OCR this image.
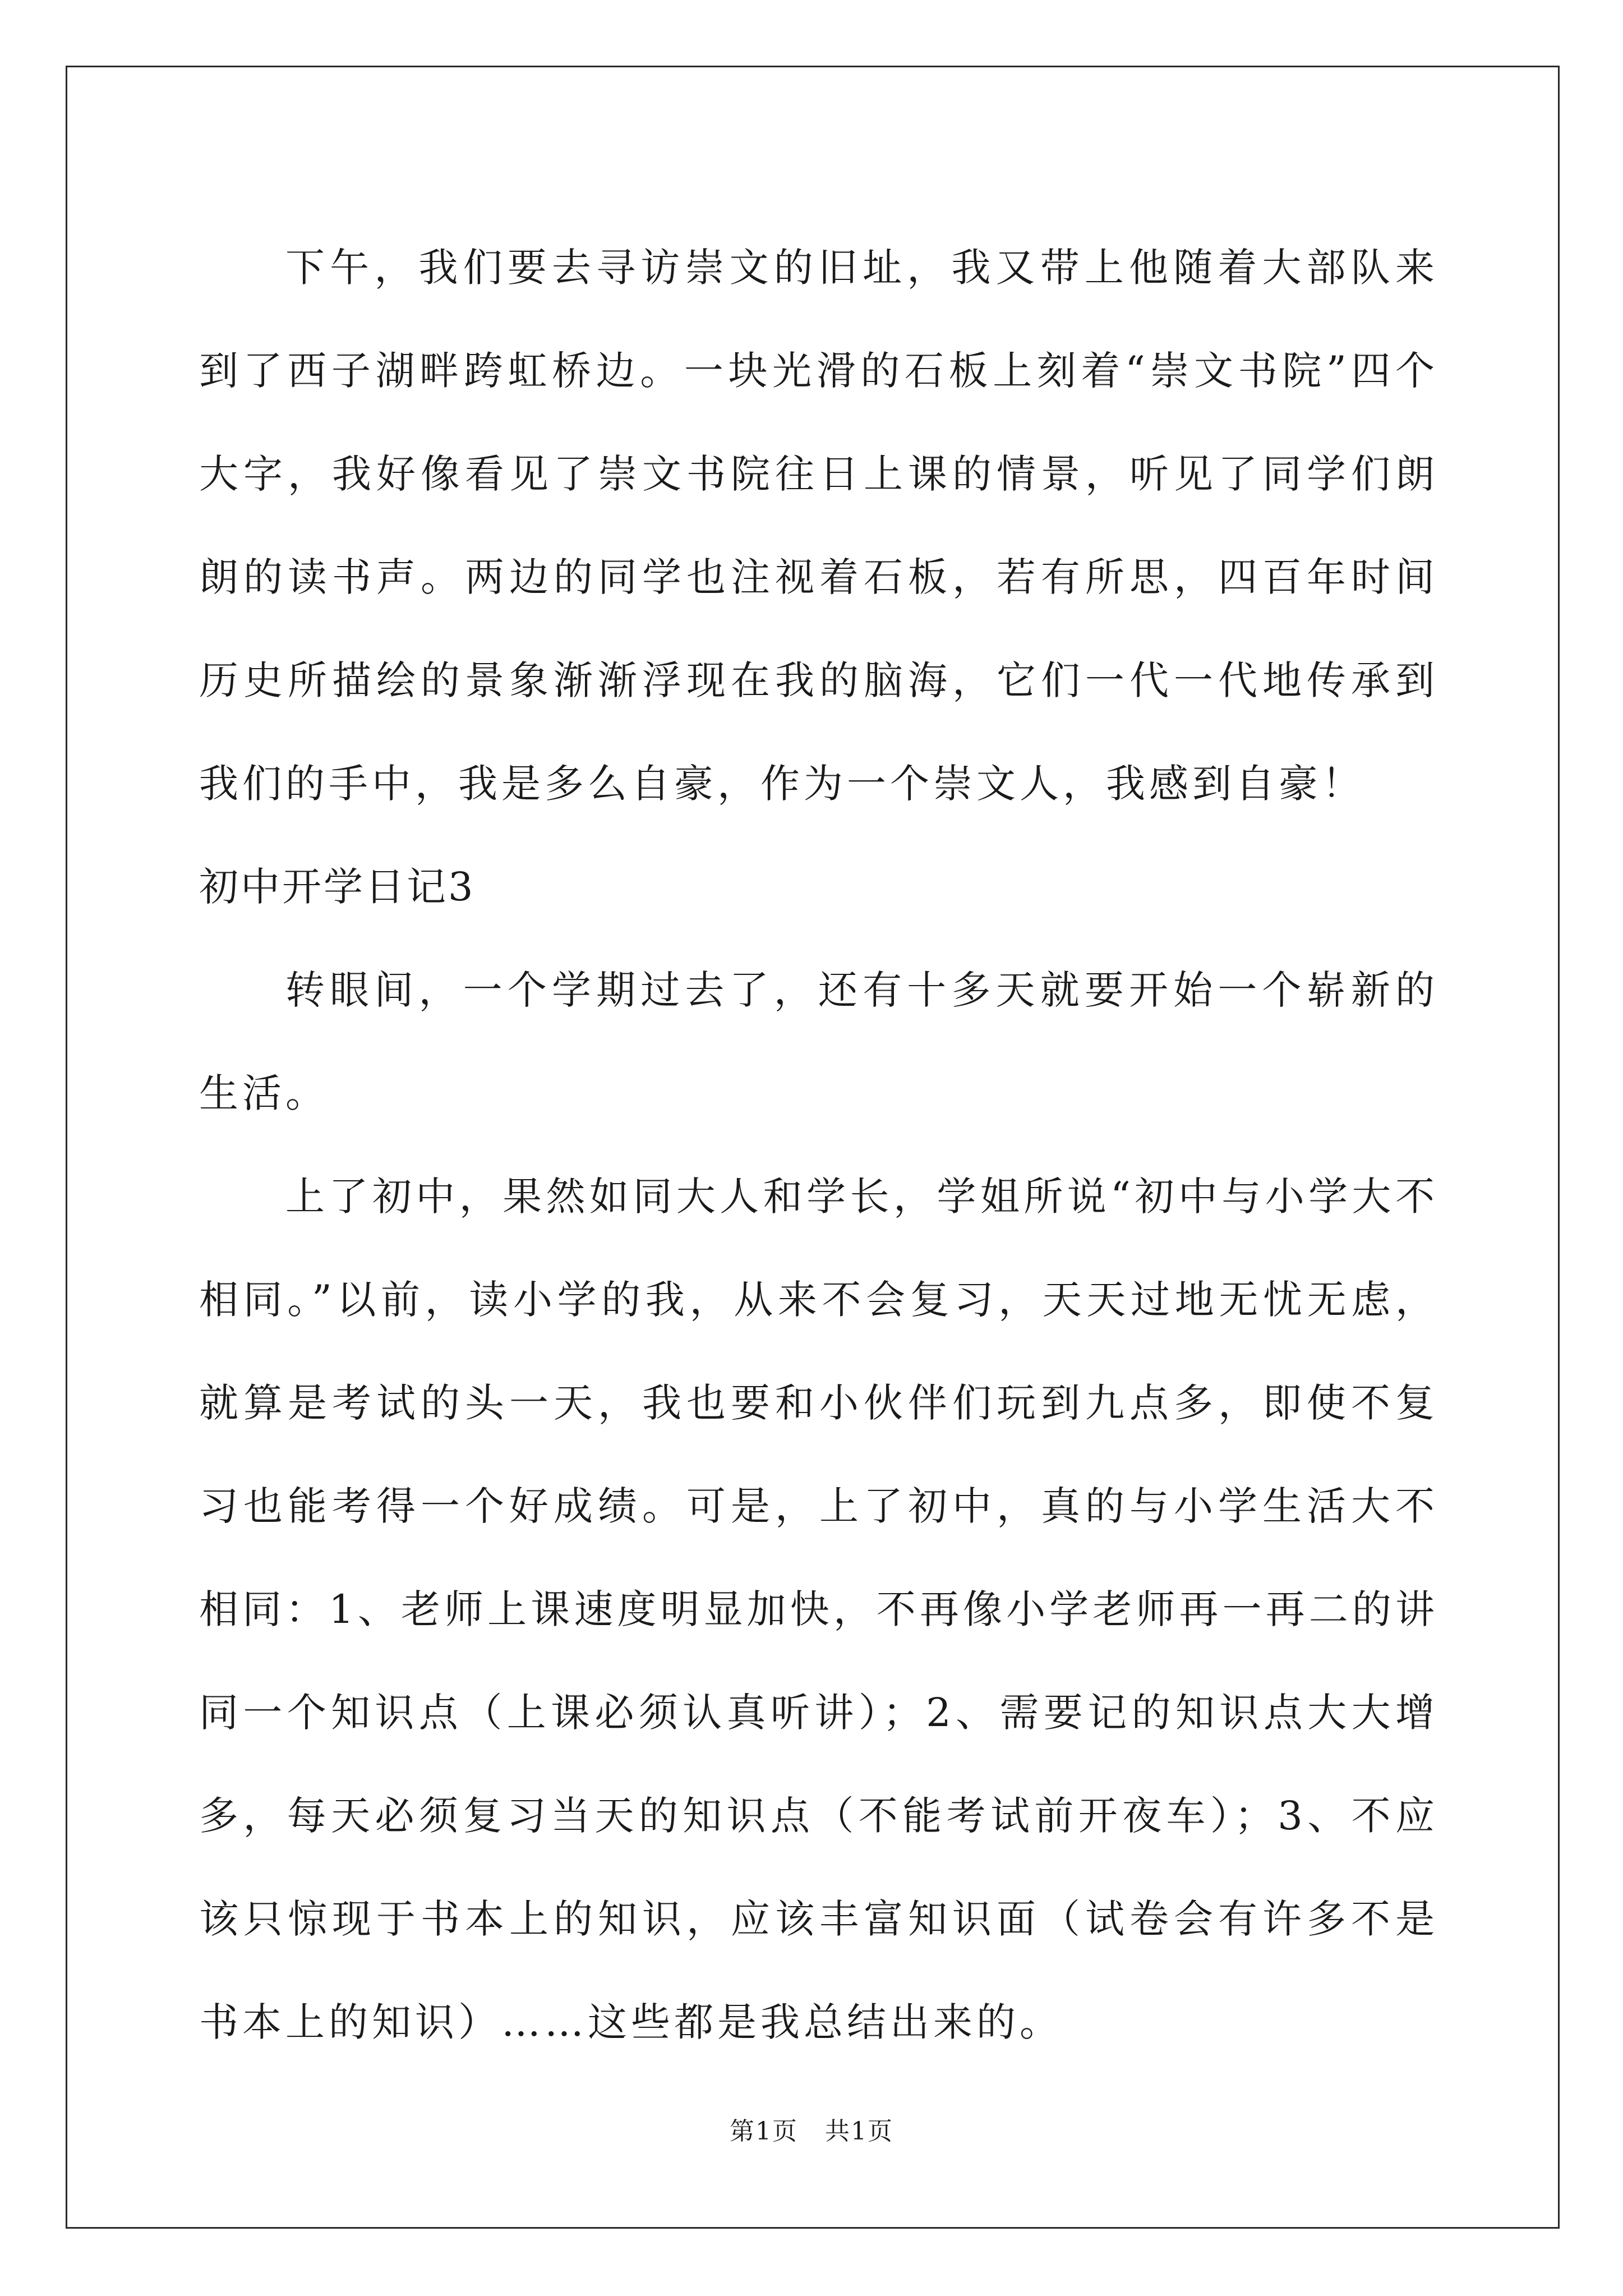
下午，我们要去寻访崇文的旧址，我又带上他随着大部队来到了西子湖畔跨虹桥边。一块光滑的石板上刻着“崇文书院”四个大字，我好像看见了崇文书院往日上课的情景，听见了同学们朗朗的读书声。两边的同学也注视着石板，若有所思，四百年时间历史所描绘的景象渐渐浮现在我的脑海，它们一代一代地传承到我们的手中，我是多么自豪，作为一个崇文人，我感到自豪！

初中开学日记3

转眼间，一个学期过去了，还有十多天就要开始一个崭新的生活。

上了初中，果然如同大人和学长，学姐所说“初中与小学大不相同。”以前，读小学的我，从来不会复习，天天过地无忧无虑，就算是考试的头一天，我也要和小伙伴们玩到九点多，即使不复习也能考得一个好成绩。可是，上了初中，真的与小学生活大不相同：1、老师上课速度明显加快，不再像小学老师再一再二的讲同一个知识点（上课必须认真听讲）；2、需要记的知识点大大增多，每天必须复习当天的知识点（不能考试前开夜车）；3、不应该只惊现于书本上的知识，应该丰富知识面（试卷会有许多不是书本上的知识）……这些都是我总结出来的。

第1页 共1页
